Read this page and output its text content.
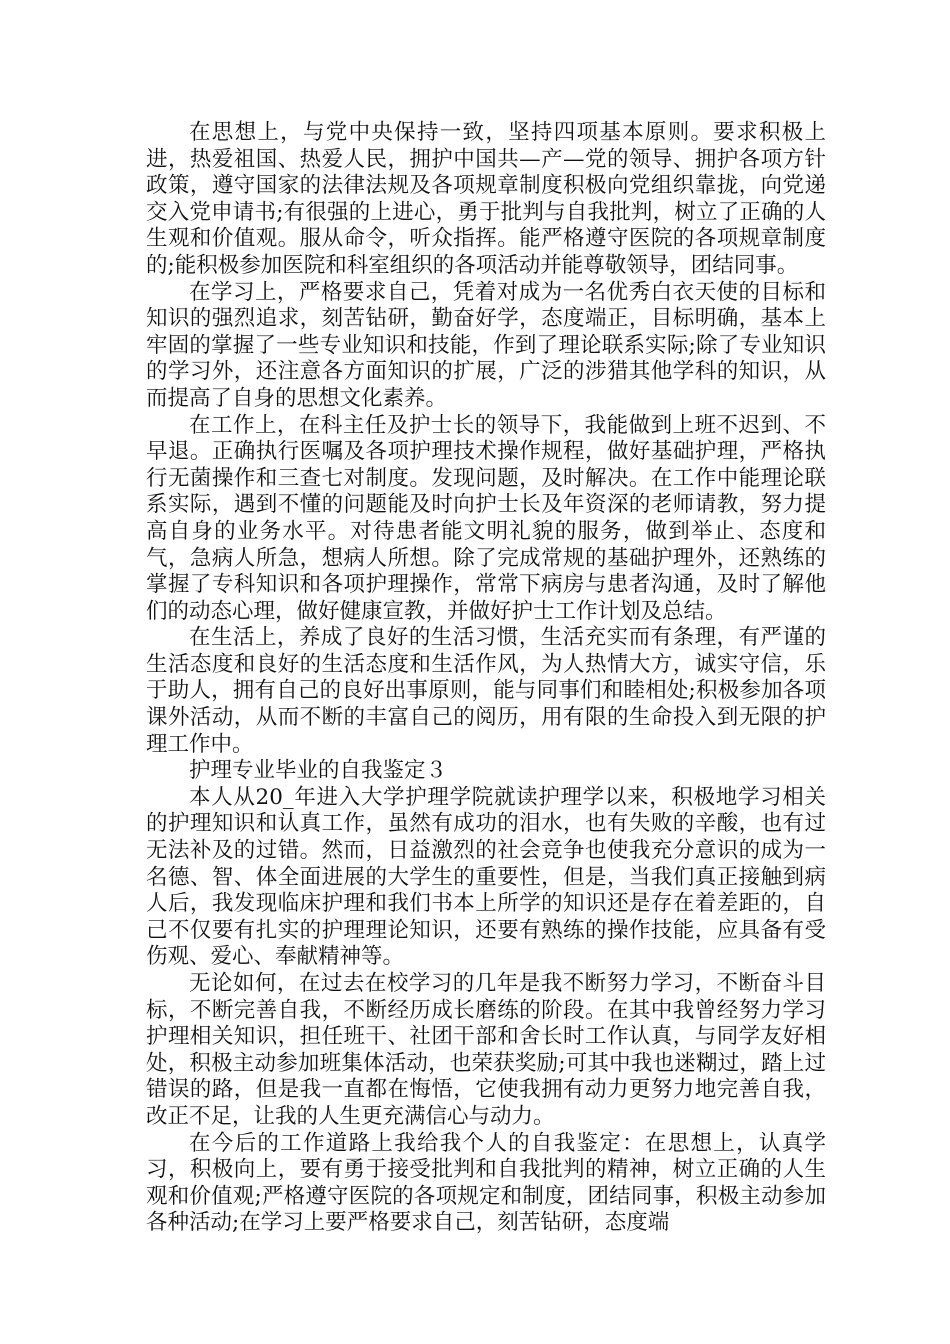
在思想上，与党中央保持一致，坚持四项基本原则。要求积极上进，热爱祖国、热爱人民，拥护中国共—产—党的领导、拥护各项方针政策，遵守国家的法律法规及各项规章制度积极向党组织靠拢，向党递交入党申请书;有很强的上进心，勇于批判与自我批判，树立了正确的人生观和价值观。服从命令，听众指挥。能严格遵守医院的各项规章制度的;能积极参加医院和科室组织的各项活动并能尊敬领导，团结同事。

在学习上，严格要求自己，凭着对成为一名优秀白衣天使的目标和知识的强烈追求，刻苦钻研，勤奋好学，态度端正，目标明确，基本上牢固的掌握了一些专业知识和技能，作到了理论联系实际;除了专业知识的学习外，还注意各方面知识的扩展，广泛的涉猎其他学科的知识，从而提高了自身的思想文化素养。

在工作上，在科主任及护士长的领导下，我能做到上班不迟到、不早退。正确执行医嘱及各项护理技术操作规程，做好基础护理，严格执行无菌操作和三查七对制度。发现问题，及时解决。在工作中能理论联系实际，遇到不懂的问题能及时向护士长及年资深的老师请教，努力提高自身的业务水平。对待患者能文明礼貌的服务，做到举止、态度和气，急病人所急，想病人所想。除了完成常规的基础护理外，还熟练的掌握了专科知识和各项护理操作，常常下病房与患者沟通，及时了解他们的动态心理，做好健康宣教，并做好护士工作计划及总结。

在生活上，养成了良好的生活习惯，生活充实而有条理，有严谨的生活态度和良好的生活态度和生活作风，为人热情大方，诚实守信，乐于助人，拥有自己的良好出事原则，能与同事们和睦相处;积极参加各项课外活动，从而不断的丰富自己的阅历，用有限的生命投入到无限的护理工作中。

护理专业毕业的自我鉴定３

本人从20_年进入大学护理学院就读护理学以来，积极地学习相关的护理知识和认真工作，虽然有成功的泪水，也有失败的辛酸，也有过无法补及的过错。然而，日益激烈的社会竞争也使我充分意识的成为一名德、智、体全面进展的大学生的重要性，但是，当我们真正接触到病人后，我发现临床护理和我们书本上所学的知识还是存在着差距的，自己不仅要有扎实的护理理论知识，还要有熟练的操作技能，应具备有受伤观、爱心、奉献精神等。

无论如何，在过去在校学习的几年是我不断努力学习，不断奋斗目标，不断完善自我，不断经历成长磨练的阶段。在其中我曾经努力学习护理相关知识，担任班干、社团干部和舍长时工作认真，与同学友好相处，积极主动参加班集体活动，也荣获奖励;可其中我也迷糊过，踏上过错误的路，但是我一直都在悔悟，它使我拥有动力更努力地完善自我，改正不足，让我的人生更充满信心与动力。

在今后的工作道路上我给我个人的自我鉴定：在思想上，认真学习，积极向上，要有勇于接受批判和自我批判的精神，树立正确的人生观和价值观;严格遵守医院的各项规定和制度，团结同事，积极主动参加各种活动;在学习上要严格要求自己，刻苦钻研，态度端
